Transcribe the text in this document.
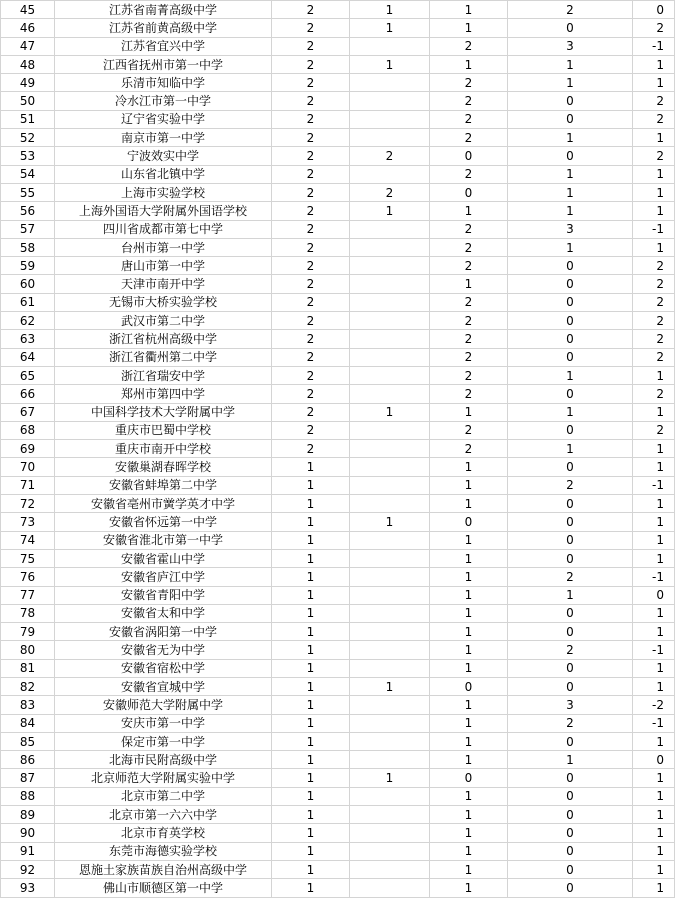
45	江苏省南菁高级中学	2	1	1	2	0
46	江苏省前黄高级中学	2	1	1	0	2
47	江苏省宜兴中学	2		2	3	-1
48	江西省抚州市第一中学	2	1	1	1	1
49	乐清市知临中学	2		2	1	1
50	冷水江市第一中学	2		2	0	2
51	辽宁省实验中学	2		2	0	2
52	南京市第一中学	2		2	1	1
53	宁波效实中学	2	2	0	0	2
54	山东省北镇中学	2		2	1	1
55	上海市实验学校	2	2	0	1	1
56	上海外国语大学附属外国语学校	2	1	1	1	1
57	四川省成都市第七中学	2		2	3	-1
58	台州市第一中学	2		2	1	1
59	唐山市第一中学	2		2	0	2
60	天津市南开中学	2		1	0	2
61	无锡市大桥实验学校	2		2	0	2
62	武汉市第二中学	2		2	0	2
63	浙江省杭州高级中学	2		2	0	2
64	浙江省衢州第二中学	2		2	0	2
65	浙江省瑞安中学	2		2	1	1
66	郑州市第四中学	2		2	0	2
67	中国科学技术大学附属中学	2	1	1	1	1
68	重庆市巴蜀中学校	2		2	0	2
69	重庆市南开中学校	2		2	1	1
70	安徽巢湖春晖学校	1		1	0	1
71	安徽省蚌埠第二中学	1		1	2	-1
72	安徽省亳州市黉学英才中学	1		1	0	1
73	安徽省怀远第一中学	1	1	0	0	1
74	安徽省淮北市第一中学	1		1	0	1
75	安徽省霍山中学	1		1	0	1
76	安徽省庐江中学	1		1	2	-1
77	安徽省青阳中学	1		1	1	0
78	安徽省太和中学	1		1	0	1
79	安徽省涡阳第一中学	1		1	0	1
80	安徽省无为中学	1		1	2	-1
81	安徽省宿松中学	1		1	0	1
82	安徽省宣城中学	1	1	0	0	1
83	安徽师范大学附属中学	1		1	3	-2
84	安庆市第一中学	1		1	2	-1
85	保定市第一中学	1		1	0	1
86	北海市民附高级中学	1		1	1	0
87	北京师范大学附属实验中学	1	1	0	0	1
88	北京市第二中学	1		1	0	1
89	北京市第一六六中学	1		1	0	1
90	北京市育英学校	1		1	0	1
91	东莞市海德实验学校	1		1	0	1
92	恩施土家族苗族自治州高级中学	1		1	0	1
93	佛山市顺德区第一中学	1		1	0	1
